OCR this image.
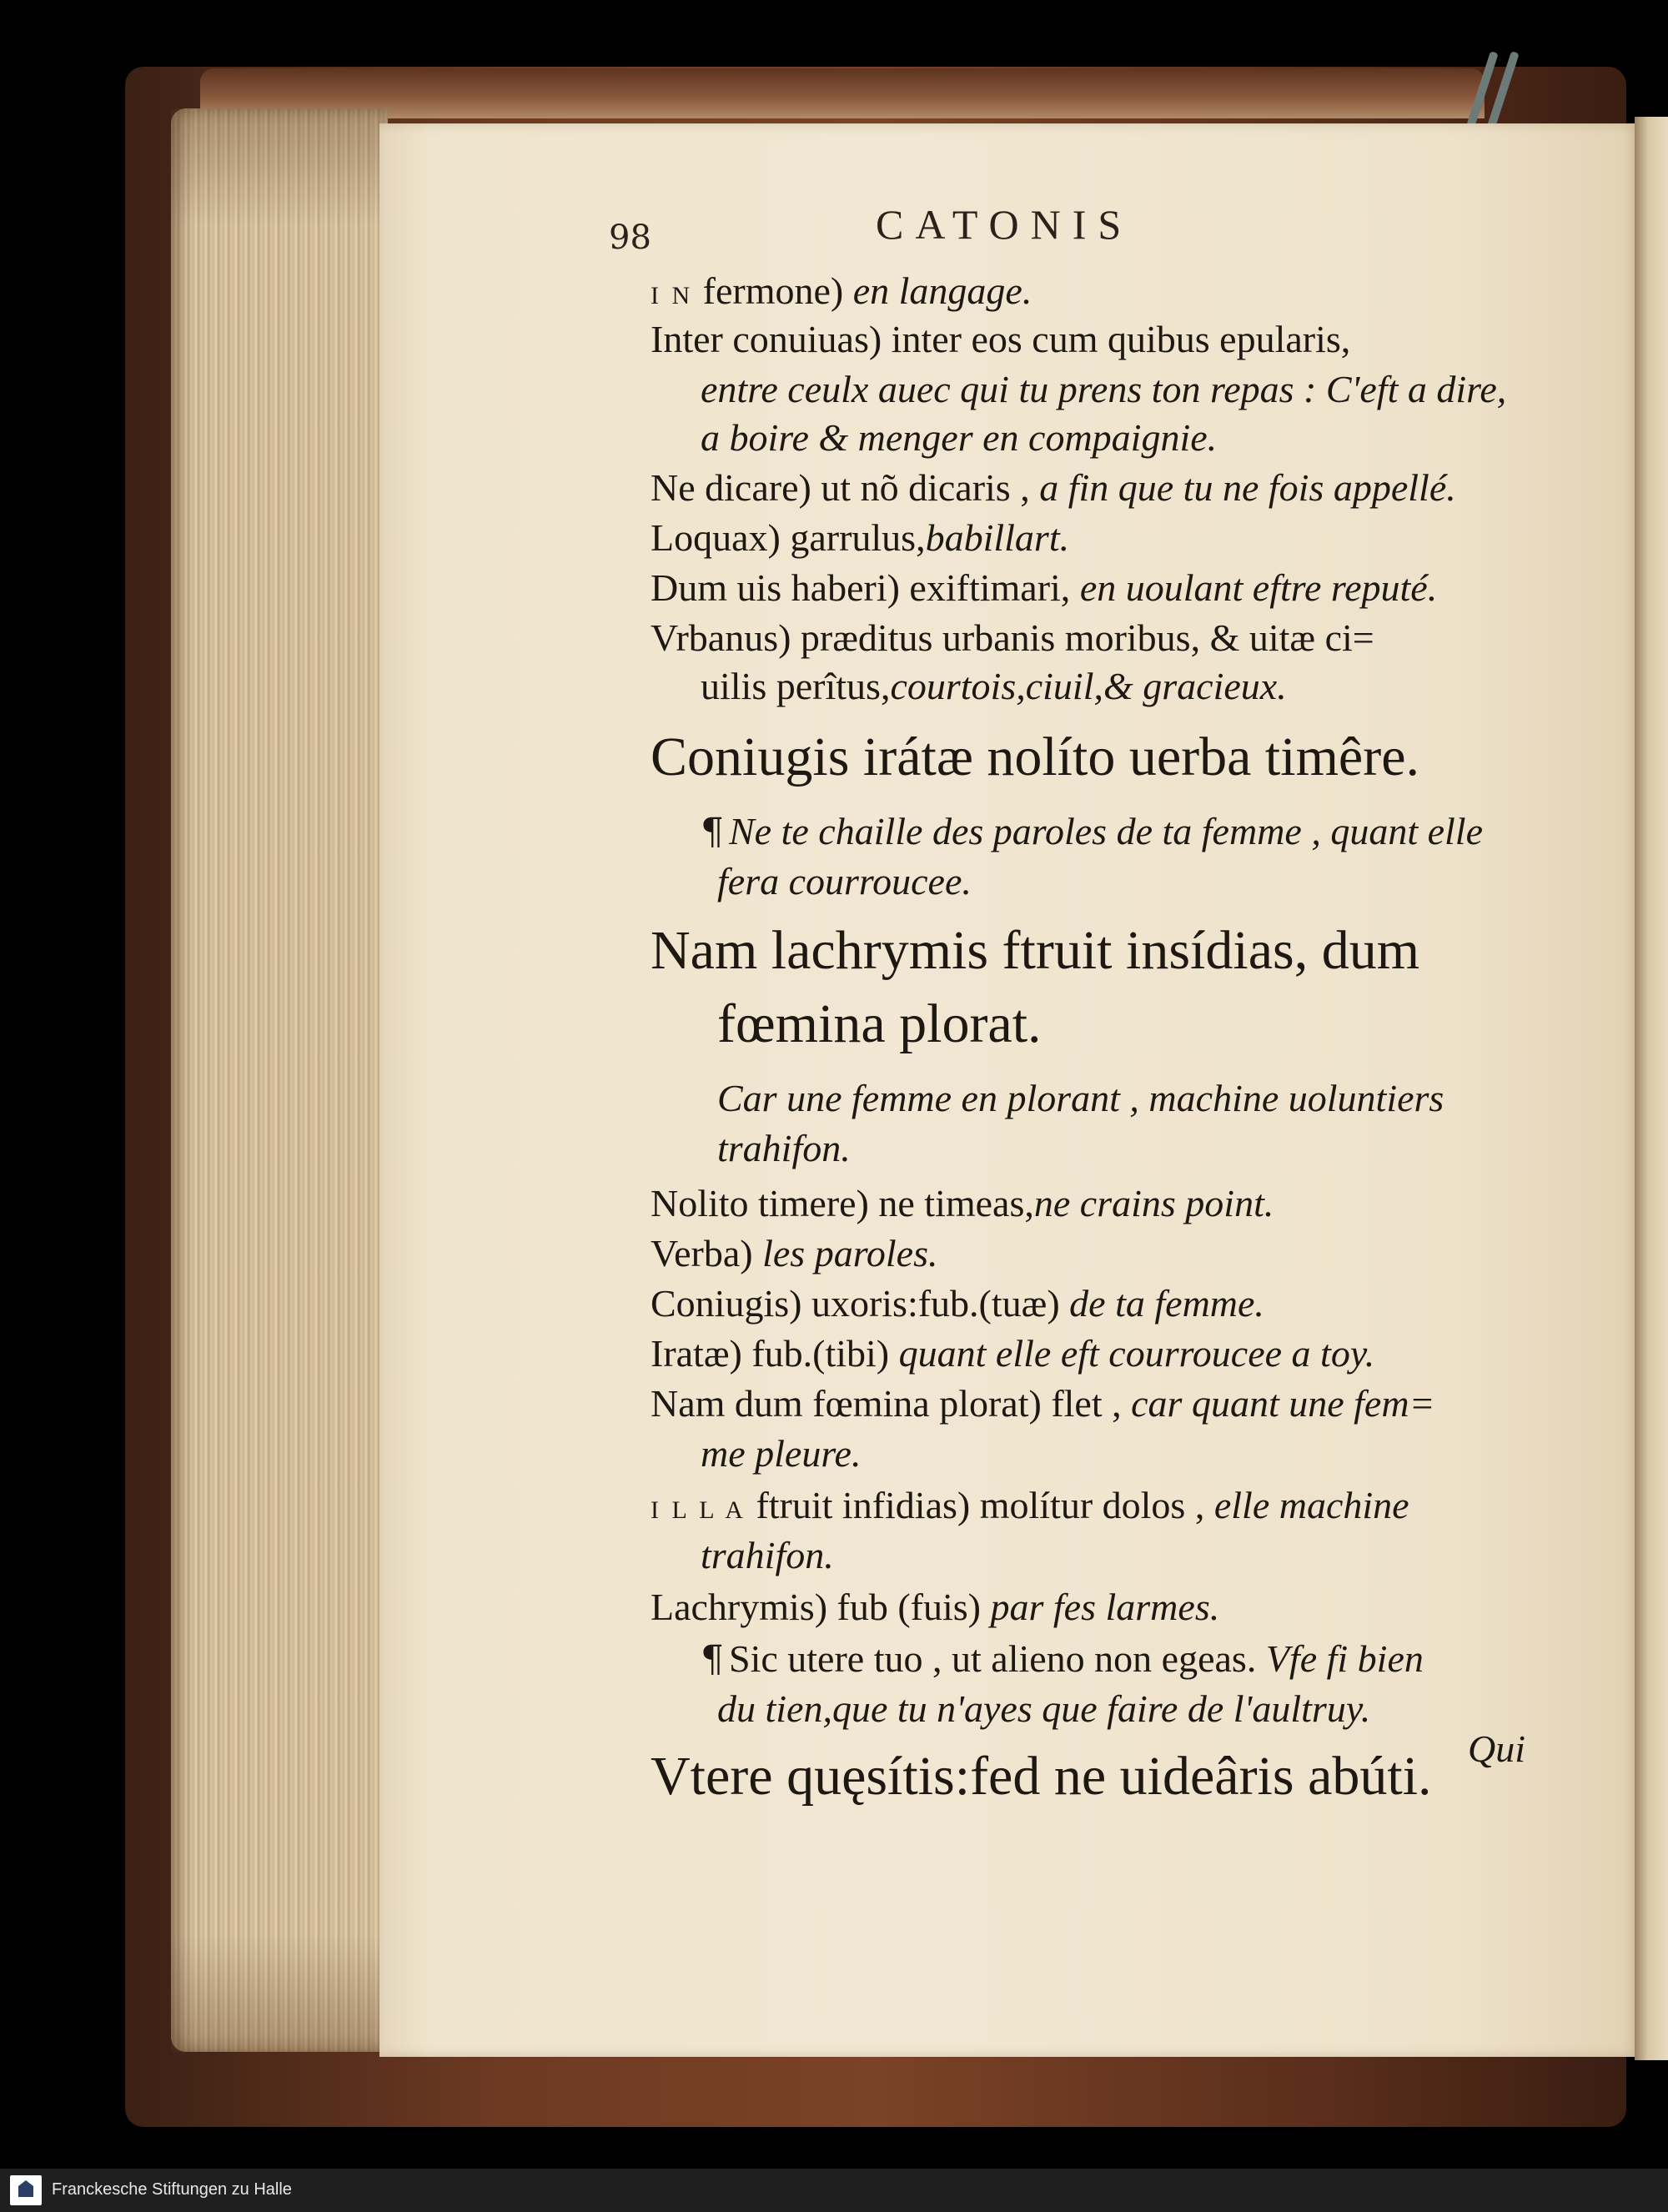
98	CATONIS
I N fermone) en langage.
Inter conuiuas) inter eos cum quibus epularis,
entre ceulx auec qui tu prens ton repas : C'eft a dire,
a boire & menger en compaignie.
Ne dicare) ut nõ dicaris , a fin que tu ne fois appellé.
Loquax) garrulus,babillart.
Dum uis haberi) exiftimari, en uoulant eftre reputé.
Vrbanus) præditus urbanis moribus, & uitæ ci=
uilis perîtus,courtois,ciuil,& gracieux.
Coniugis irátæ nolíto uerba timêre.
¶ Ne te chaille des paroles de ta femme , quant elle
fera courroucee.
Nam lachrymis ftruit insídias, dum
fœmina plorat.
Car une femme en plorant , machine uoluntiers
trahifon.
Nolito timere) ne timeas,ne crains point.
Verba) les paroles.
Coniugis) uxoris:fub.(tuæ) de ta femme.
Iratæ) fub.(tibi) quant elle eft courroucee a toy.
Nam dum fœmina plorat) flet , car quant une fem=
me pleure.
I L L A ftruit infidias) molítur dolos , elle machine
trahifon.
Lachrymis) fub (fuis) par fes larmes.
¶ Sic utere tuo , ut alieno non egeas. Vfe fi bien
du tien,que tu n'ayes que faire de l'aultruy.
Vtere quęsítis:fed ne uideâris abúti. Qui
Franckesche Stiftungen zu Halle
